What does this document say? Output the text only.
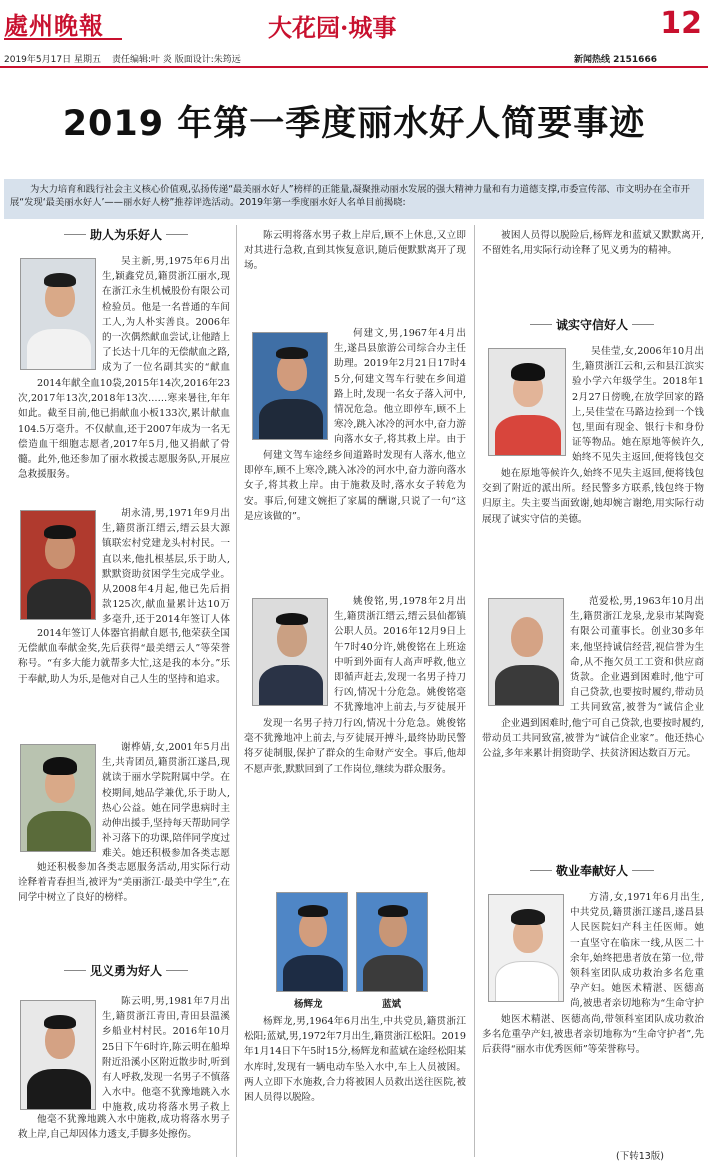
處州晚報	大花园·城事	12
2019年5月17日 星期五 责任编辑:叶 炎 版面设计:朱筠远	新闻热线 2151666
2019 年第一季度丽水好人简要事迹
为大力培育和践行社会主义核心价值观,弘扬传递“最美丽水好人”榜样的正能量,凝聚推动丽水发展的强大精神力量和有力道德支撑,市委宣传部、市文明办在全市开展“发现‘最美丽水好人’——丽水好人榜”推荐评选活动。2019年第一季度丽水好人名单目前揭晓:
助人为乐好人

吴主新,男,1975年6月出生,颖鑫党员,籍贯浙江丽水,现在浙江永生机械股份有限公司检验员。他是一名普通的车间工人,为人朴实善良。2006年的一次偶然献血尝试,让他踏上了长达十几年的无偿献血之路,成为了一位名副其实的“献血

2014年献全血10袋,2015年14次,2016年23次,2017年13次,2018年13次……寒来暑往,年年如此。截至目前,他已捐献血小板133次,累计献血104.5万毫升。不仅献血,还于2007年成为一名无偿造血干细胞志愿者,2017年5月,他又捐献了骨髓。此外,他还参加了丽水救援志愿服务队,开展应急救援服务。

胡永清,男,1971年9月出生,籍贯浙江缙云,缙云县大源镇联宏村党建龙头村村民。一直以来,他扎根基层,乐于助人,默默资助贫困学生完成学业。从2008年4月起,他已先后捐款125次,献血量累计达10万多毫升,还于2014年签订人体

2014年签订人体器官捐献自愿书,他荣获全国无偿献血奉献金奖,先后获得“最美缙云人”等荣誉称号。“有多大能力就帮多大忙,这是我的本分。”乐于奉献,助人为乐,是他对自己人生的坚持和追求。

谢桦婧,女,2001年5月出生,共青团员,籍贯浙江遂昌,现就读于丽水学院附属中学。在校期间,她品学兼优,乐于助人,热心公益。她在同学患病时主动伸出援手,坚持每天帮助同学补习落下的功课,陪伴同学度过难关。她还积极参加各类志愿

她还积极参加各类志愿服务活动,用实际行动诠释着青春担当,被评为“美丽浙江·最美中学生”,在同学中树立了良好的榜样。

见义勇为好人

陈云明,男,1981年7月出生,籍贯浙江青田,青田县温溪乡船业村村民。2016年10月25日下午6时许,陈云明在船埠附近沿溪小区附近散步时,听到有人呼救,发现一名男子不慎落入水中。他毫不犹豫地跳入水中施救,成功将落水男子救上

他毫不犹豫地跳入水中施救,成功将落水男子救上岸,自己却因体力透支,手脚多处擦伤。

陈云明将落水男子救上岸后,顾不上休息,又立即对其进行急救,直到其恢复意识,随后便默默离开了现场。

何建文,男,1967年4月出生,遂昌县旅游公司综合办主任助理。2019年2月21日17时45分,何建文驾车行驶在乡间道路上时,发现一名女子落入河中,情况危急。他立即停车,顾不上寒冷,跳入冰冷的河水中,奋力游向落水女子,将其救上岸。由于

何建文驾车途经乡间道路时发现有人落水,他立即停车,顾不上寒冷,跳入冰冷的河水中,奋力游向落水女子,将其救上岸。由于施救及时,落水女子转危为安。事后,何建文婉拒了家属的酬谢,只说了一句“这是应该做的”。

姚俊铭,男,1978年2月出生,籍贯浙江缙云,缙云县仙都镇公职人员。2016年12月9日上午7时40分许,姚俊铭在上班途中听到外面有人高声呼救,他立即循声赶去,发现一名男子持刀行凶,情况十分危急。姚俊铭毫不犹豫地冲上前去,与歹徒展开

发现一名男子持刀行凶,情况十分危急。姚俊铭毫不犹豫地冲上前去,与歹徒展开搏斗,最终协助民警将歹徒制服,保护了群众的生命财产安全。事后,他却不愿声张,默默回到了工作岗位,继续为群众服务。

杨辉龙	蓝斌

杨辉龙,男,1964年6月出生,中共党员,籍贯浙江松阳;蓝斌,男,1972年7月出生,籍贯浙江松阳。2019年1月14日下午5时15分,杨辉龙和蓝斌在途经松阳某水库时,发现有一辆电动车坠入水中,车上人员被困。两人立即下水施救,合力将被困人员救出送往医院,被困人员得以脱险。

被困人员得以脱险后,杨辉龙和蓝斌又默默离开,不留姓名,用实际行动诠释了见义勇为的精神。

诚实守信好人

吴佳莹,女,2006年10月出生,籍贯浙江云和,云和县江滨实验小学六年级学生。2018年12月27日傍晚,在放学回家的路上,吴佳莹在马路边捡到一个钱包,里面有现金、银行卡和身份证等物品。她在原地等候许久,始终不见失主返回,便将钱包交

她在原地等候许久,始终不见失主返回,便将钱包交到了附近的派出所。经民警多方联系,钱包终于物归原主。失主要当面致谢,她却婉言谢绝,用实际行动展现了诚实守信的美德。

范爱松,男,1963年10月出生,籍贯浙江龙泉,龙泉市某陶瓷有限公司董事长。创业30多年来,他坚持诚信经营,视信誉为生命,从不拖欠员工工资和供应商货款。企业遇到困难时,他宁可自己贷款,也要按时履约,带动员工共同致富,被誉为“诚信企业

企业遇到困难时,他宁可自己贷款,也要按时履约,带动员工共同致富,被誉为“诚信企业家”。他还热心公益,多年来累计捐资助学、扶贫济困达数百万元。

敬业奉献好人

方清,女,1971年6月出生,中共党员,籍贯浙江遂昌,遂昌县人民医院妇产科主任医师。她一直坚守在临床一线,从医二十余年,始终把患者放在第一位,带领科室团队成功救治多名危重孕产妇。她医术精湛、医德高尚,被患者亲切地称为“生命守护

她医术精湛、医德高尚,带领科室团队成功救治多名危重孕产妇,被患者亲切地称为“生命守护者”,先后获得“丽水市优秀医师”等荣誉称号。

(下转13版)
